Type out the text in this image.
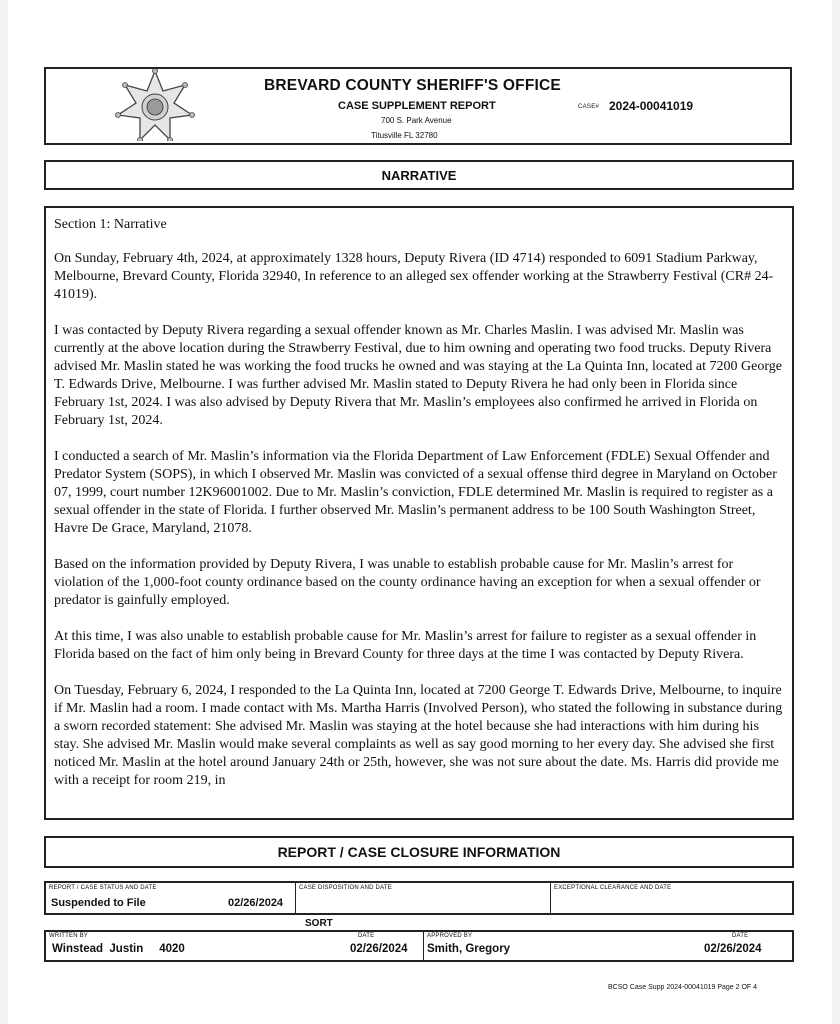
BREVARD COUNTY SHERIFF'S OFFICE
CASE SUPPLEMENT REPORT	CASE# 2024-00041019
700 S. Park Avenue
Titusville FL 32780
NARRATIVE

Section 1: Narrative

On Sunday, February 4th, 2024, at approximately 1328 hours, Deputy Rivera (ID 4714) responded to 6091 Stadium Parkway, Melbourne, Brevard County, Florida 32940, In reference to an alleged sex offender working at the Strawberry Festival (CR# 24-41019).

I was contacted by Deputy Rivera regarding a sexual offender known as Mr. Charles Maslin. I was advised Mr. Maslin was currently at the above location during the Strawberry Festival, due to him owning and operating two food trucks. Deputy Rivera advised Mr. Maslin stated he was working the food trucks he owned and was staying at the La Quinta Inn, located at 7200 George T. Edwards Drive, Melbourne. I was further advised Mr. Maslin stated to Deputy Rivera he had only been in Florida since February 1st, 2024. I was also advised by Deputy Rivera that Mr. Maslin’s employees also confirmed he arrived in Florida on February 1st, 2024.

I conducted a search of Mr. Maslin’s information via the Florida Department of Law Enforcement (FDLE) Sexual Offender and Predator System (SOPS), in which I observed Mr. Maslin was convicted of a sexual offense third degree in Maryland on October 07, 1999, court number 12K96001002. Due to Mr. Maslin’s conviction, FDLE determined Mr. Maslin is required to register as a sexual offender in the state of Florida. I further observed Mr. Maslin’s permanent address to be 100 South Washington Street, Havre De Grace, Maryland, 21078.

Based on the information provided by Deputy Rivera, I was unable to establish probable cause for Mr. Maslin’s arrest for violation of the 1,000-foot county ordinance based on the county ordinance having an exception for when a sexual offender or predator is gainfully employed.

At this time, I was also unable to establish probable cause for Mr. Maslin’s arrest for failure to register as a sexual offender in Florida based on the fact of him only being in Brevard County for three days at the time I was contacted by Deputy Rivera.

On Tuesday, February 6, 2024, I responded to the La Quinta Inn, located at 7200 George T. Edwards Drive, Melbourne, to inquire if Mr. Maslin had a room. I made contact with Ms. Martha Harris (Involved Person), who stated the following in substance during a sworn recorded statement: She advised Mr. Maslin was staying at the hotel because she had interactions with him during his stay. She advised Mr. Maslin would make several complaints as well as say good morning to her every day. She advised she first noticed Mr. Maslin at the hotel around January 24th or 25th, however, she was not sure about the date. Ms. Harris did provide me with a receipt for room 219, in

REPORT / CASE CLOSURE INFORMATION
REPORT / CASE STATUS AND DATE
Suspended to File	02/26/2024
CASE DISPOSITION AND DATE	EXCEPTIONAL CLEARANCE AND DATE
SORT
WRITTEN BY
Winstead  Justin     4020
DATE
02/26/2024
APPROVED BY
Smith, Gregory
DATE
02/26/2024
BCSO Case Supp 2024-00041019 Page 2 OF 4
